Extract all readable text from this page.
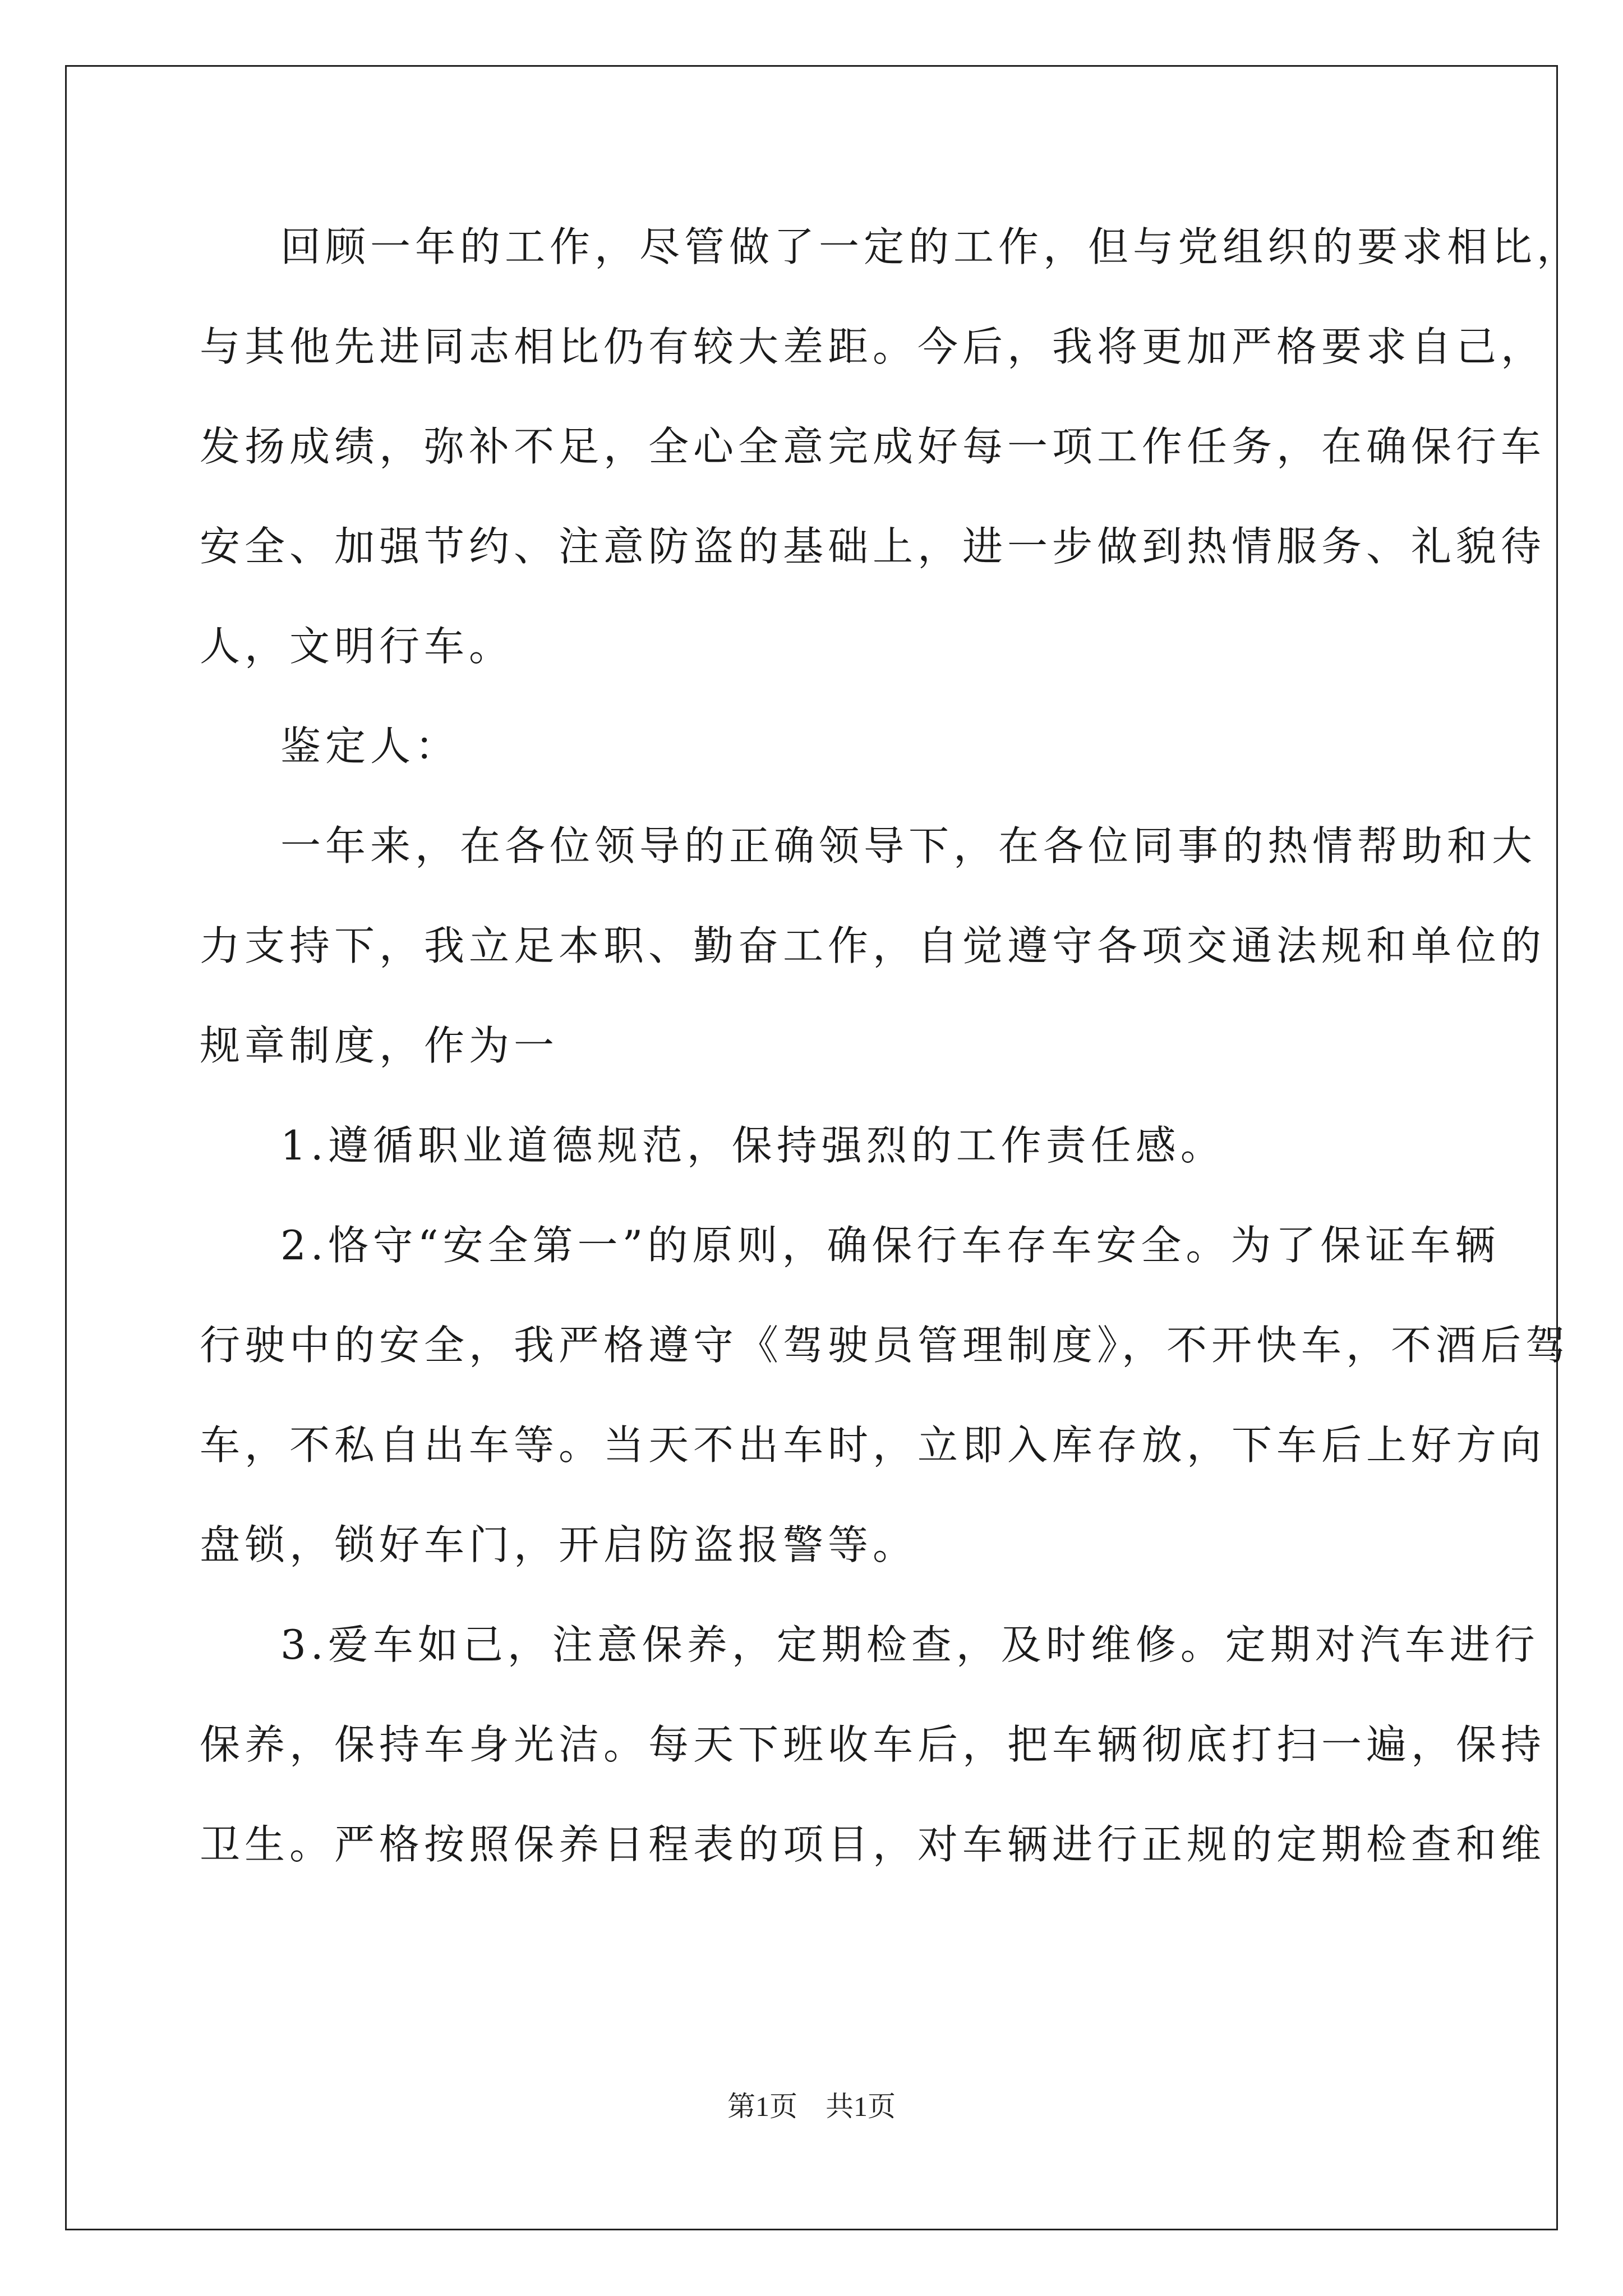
回顾一年的工作，尽管做了一定的工作，但与党组织的要求相比，
与其他先进同志相比仍有较大差距。今后，我将更加严格要求自己，
发扬成绩，弥补不足，全心全意完成好每一项工作任务，在确保行车
安全、加强节约、注意防盗的基础上，进一步做到热情服务、礼貌待
人，文明行车。
鉴定人：
一年来，在各位领导的正确领导下，在各位同事的热情帮助和大
力支持下，我立足本职、勤奋工作，自觉遵守各项交通法规和单位的
规章制度，作为一
1.遵循职业道德规范，保持强烈的工作责任感。
2.恪守“安全第一”的原则，确保行车存车安全。为了保证车辆
行驶中的安全，我严格遵守《驾驶员管理制度》，不开快车，不酒后驾
车，不私自出车等。当天不出车时，立即入库存放，下车后上好方向
盘锁，锁好车门，开启防盗报警等。
3.爱车如己，注意保养，定期检查，及时维修。定期对汽车进行
保养，保持车身光洁。每天下班收车后，把车辆彻底打扫一遍，保持
卫生。严格按照保养日程表的项目，对车辆进行正规的定期检查和维
第1页　共1页
